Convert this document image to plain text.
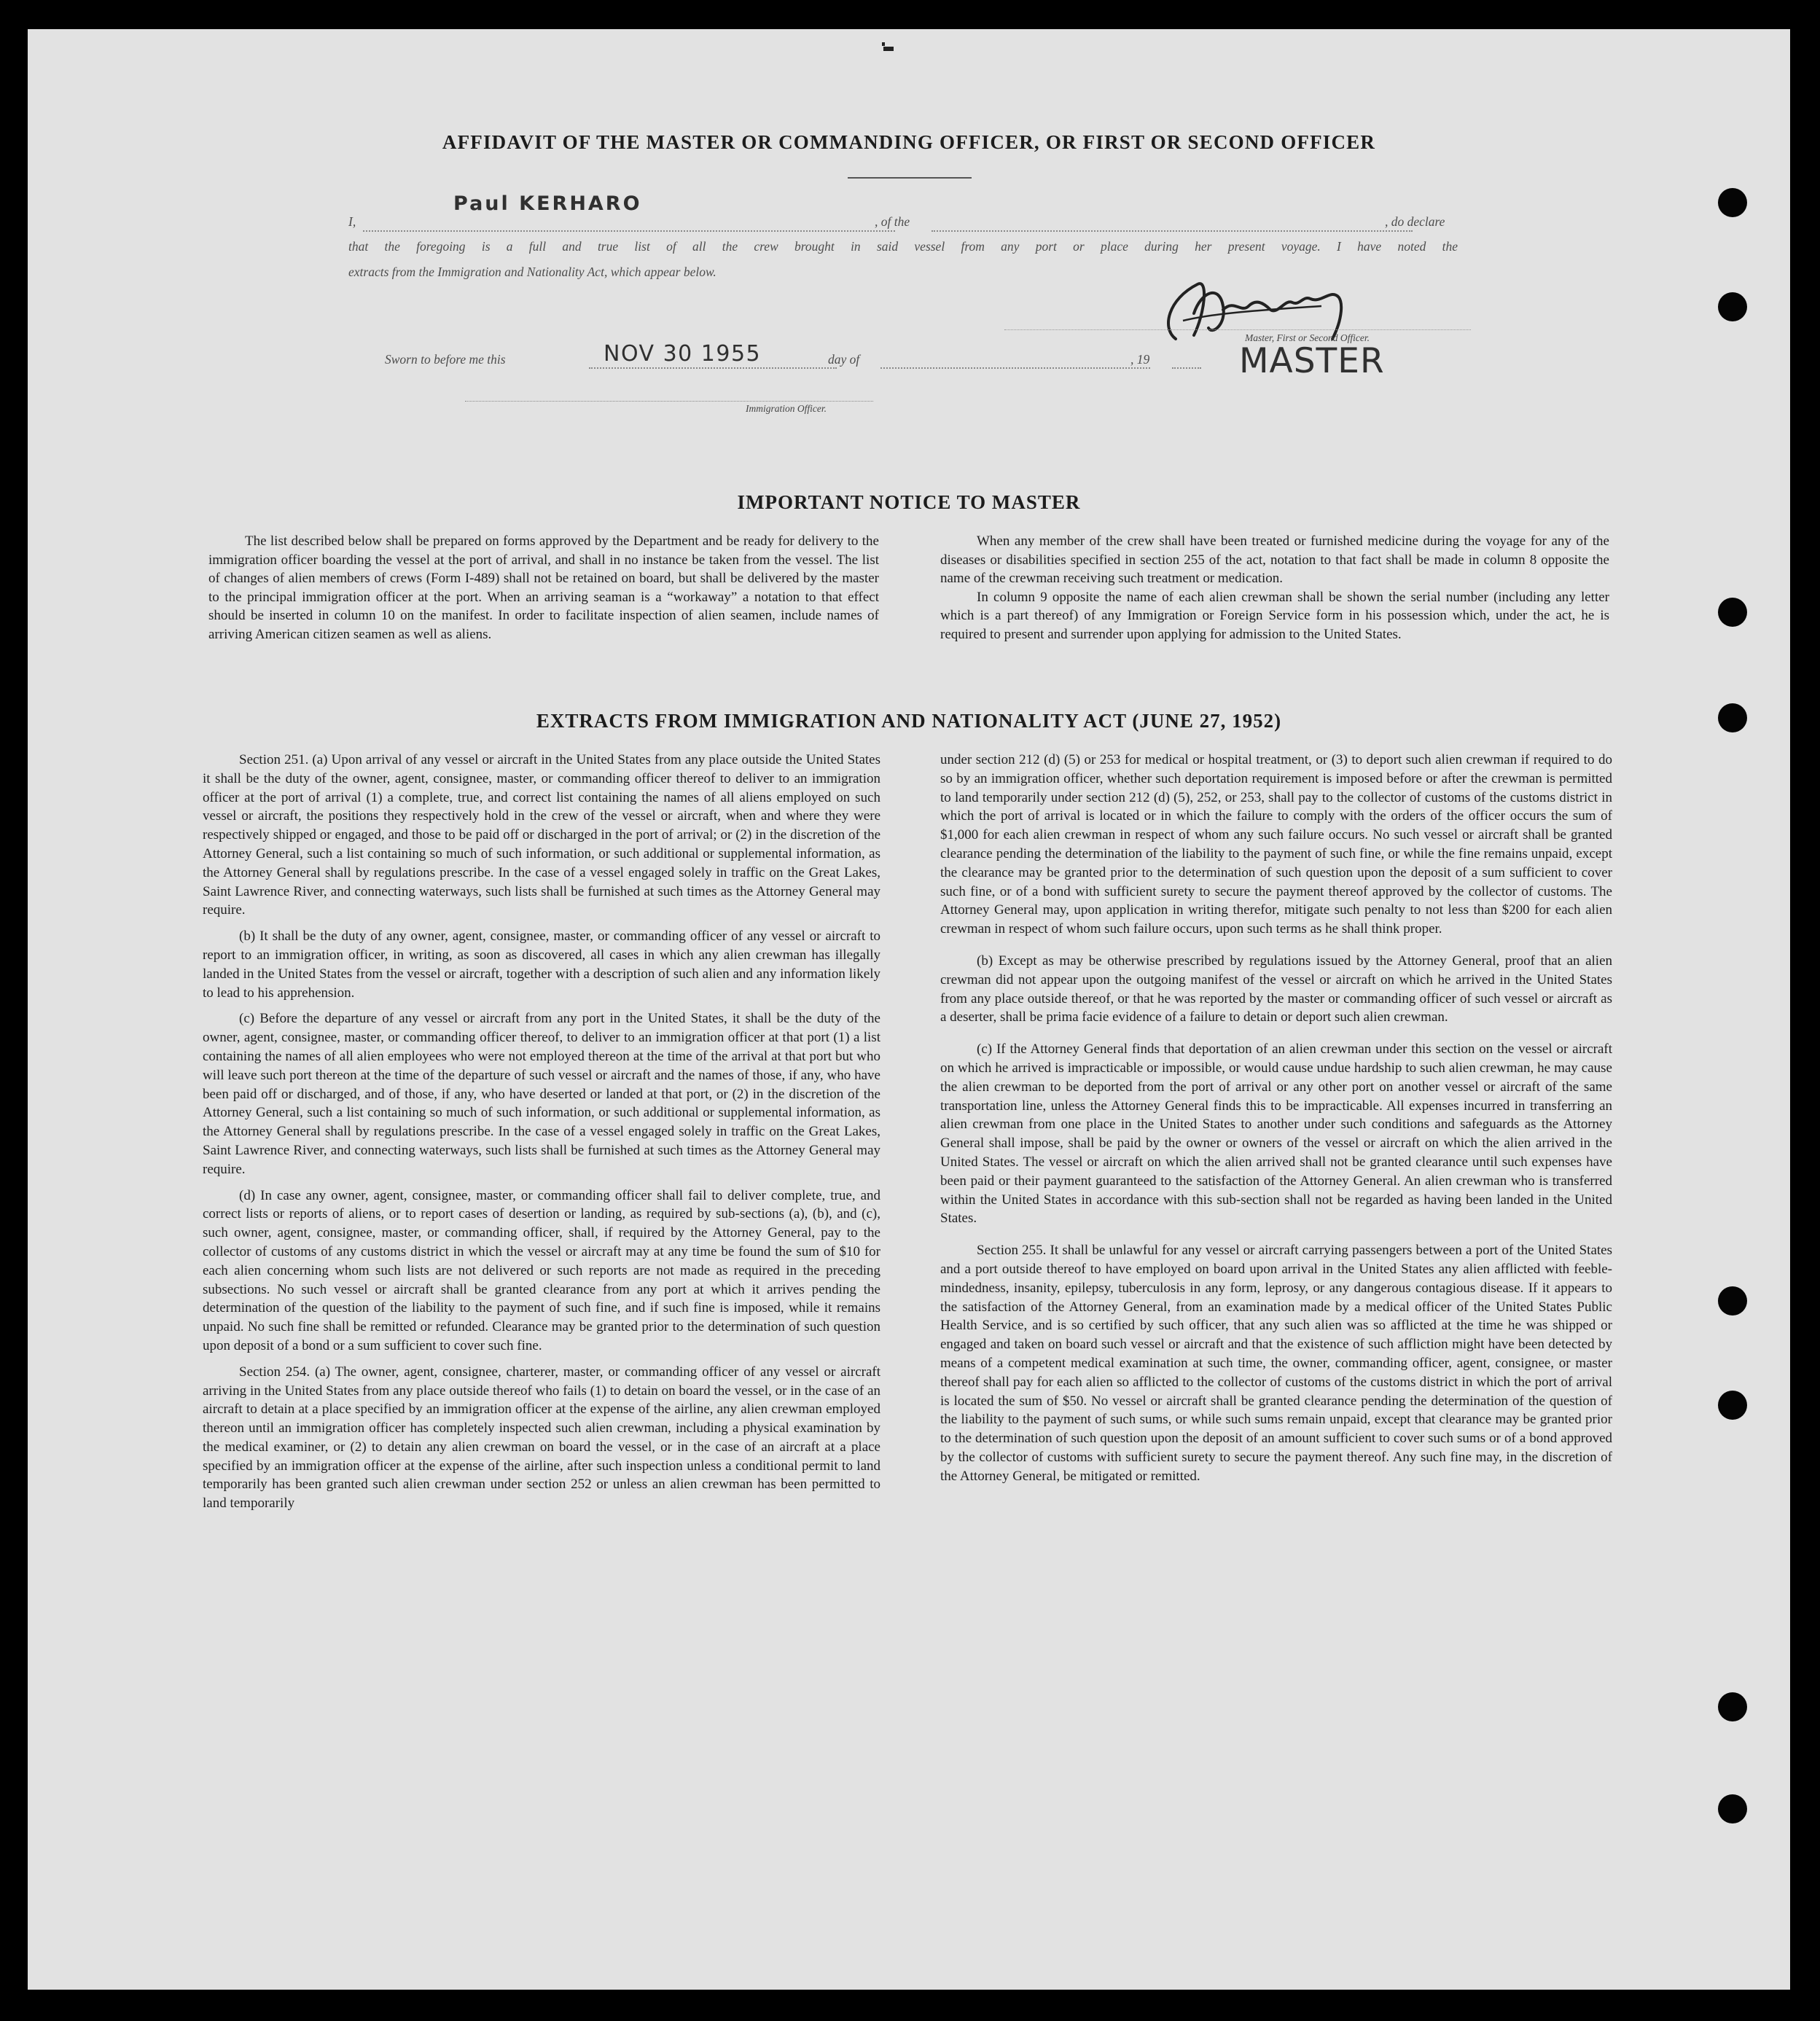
AFFIDAVIT OF THE MASTER OR COMMANDING OFFICER, OR FIRST OR SECOND OFFICER
I,
Paul KERHARO
, of the	, do declare
that the foregoing is a full and true list of all the crew brought in said vessel from any port or place during her present voyage. I have noted the
extracts from the Immigration and Nationality Act, which appear below.
Master, First or Second Officer.
MASTER
Sworn to before me this	NOV 30 1955	day of	, 19
Immigration Officer.
IMPORTANT NOTICE TO MASTER

The list described below shall be prepared on forms approved by the Department and be ready for delivery to the immigration officer boarding the vessel at the port of arrival, and shall in no instance be taken from the vessel. The list of changes of alien members of crews (Form I-489) shall not be retained on board, but shall be delivered by the master to the principal immigration officer at the port. When an arriving seaman is a “workaway” a notation to that effect should be inserted in column 10 on the manifest. In order to facilitate inspection of alien seamen, include names of arriving American citizen seamen as well as aliens.

When any member of the crew shall have been treated or furnished medicine during the voyage for any of the diseases or disabilities specified in section 255 of the act, notation to that fact shall be made in column 8 opposite the name of the crewman receiving such treatment or medication.

In column 9 opposite the name of each alien crewman shall be shown the serial number (including any letter which is a part thereof) of any Immigration or Foreign Service form in his possession which, under the act, he is required to present and surrender upon applying for admission to the United States.

EXTRACTS FROM IMMIGRATION AND NATIONALITY ACT (JUNE 27, 1952)

Section 251. (a) Upon arrival of any vessel or aircraft in the United States from any place outside the United States it shall be the duty of the owner, agent, consignee, master, or commanding officer thereof to deliver to an immigration officer at the port of arrival (1) a complete, true, and correct list containing the names of all aliens employed on such vessel or aircraft, the positions they respectively hold in the crew of the vessel or aircraft, when and where they were respectively shipped or engaged, and those to be paid off or discharged in the port of arrival; or (2) in the discretion of the Attorney General, such a list containing so much of such information, or such additional or supplemental information, as the Attorney General shall by regulations prescribe. In the case of a vessel engaged solely in traffic on the Great Lakes, Saint Lawrence River, and connecting waterways, such lists shall be furnished at such times as the Attorney General may require.

(b) It shall be the duty of any owner, agent, consignee, master, or commanding officer of any vessel or aircraft to report to an immigration officer, in writing, as soon as discovered, all cases in which any alien crewman has illegally landed in the United States from the vessel or aircraft, together with a description of such alien and any information likely to lead to his apprehension.

(c) Before the departure of any vessel or aircraft from any port in the United States, it shall be the duty of the owner, agent, consignee, master, or commanding officer thereof, to deliver to an immigration officer at that port (1) a list containing the names of all alien employees who were not employed thereon at the time of the arrival at that port but who will leave such port thereon at the time of the departure of such vessel or aircraft and the names of those, if any, who have been paid off or discharged, and of those, if any, who have deserted or landed at that port, or (2) in the discretion of the Attorney General, such a list containing so much of such information, or such additional or supplemental information, as the Attorney General shall by regulations prescribe. In the case of a vessel engaged solely in traffic on the Great Lakes, Saint Lawrence River, and connecting waterways, such lists shall be furnished at such times as the Attorney General may require.

(d) In case any owner, agent, consignee, master, or commanding officer shall fail to deliver complete, true, and correct lists or reports of aliens, or to report cases of desertion or landing, as required by sub-sections (a), (b), and (c), such owner, agent, consignee, master, or commanding officer, shall, if required by the Attorney General, pay to the collector of customs of any customs district in which the vessel or aircraft may at any time be found the sum of $10 for each alien concerning whom such lists are not delivered or such reports are not made as required in the preceding subsections. No such vessel or aircraft shall be granted clearance from any port at which it arrives pending the determination of the question of the liability to the payment of such fine, and if such fine is imposed, while it remains unpaid. No such fine shall be remitted or refunded. Clearance may be granted prior to the determination of such question upon deposit of a bond or a sum sufficient to cover such fine.

Section 254. (a) The owner, agent, consignee, charterer, master, or commanding officer of any vessel or aircraft arriving in the United States from any place outside thereof who fails (1) to detain on board the vessel, or in the case of an aircraft to detain at a place specified by an immigration officer at the expense of the airline, any alien crewman employed thereon until an immigration officer has completely inspected such alien crewman, including a physical examination by the medical examiner, or (2) to detain any alien crewman on board the vessel, or in the case of an aircraft at a place specified by an immigration officer at the expense of the airline, after such inspection unless a conditional permit to land temporarily has been granted such alien crewman under section 252 or unless an alien crewman has been permitted to land temporarily

under section 212 (d) (5) or 253 for medical or hospital treatment, or (3) to deport such alien crewman if required to do so by an immigration officer, whether such deportation requirement is imposed before or after the crewman is permitted to land temporarily under section 212 (d) (5), 252, or 253, shall pay to the collector of customs of the customs district in which the port of arrival is located or in which the failure to comply with the orders of the officer occurs the sum of $1,000 for each alien crewman in respect of whom any such failure occurs. No such vessel or aircraft shall be granted clearance pending the determination of the liability to the payment of such fine, or while the fine remains unpaid, except the clearance may be granted prior to the determination of such question upon the deposit of a sum sufficient to cover such fine, or of a bond with sufficient surety to secure the payment thereof approved by the collector of customs. The Attorney General may, upon application in writing therefor, mitigate such penalty to not less than $200 for each alien crewman in respect of whom such failure occurs, upon such terms as he shall think proper.

(b) Except as may be otherwise prescribed by regulations issued by the Attorney General, proof that an alien crewman did not appear upon the outgoing manifest of the vessel or aircraft on which he arrived in the United States from any place outside thereof, or that he was reported by the master or commanding officer of such vessel or aircraft as a deserter, shall be prima facie evidence of a failure to detain or deport such alien crewman.

(c) If the Attorney General finds that deportation of an alien crewman under this section on the vessel or aircraft on which he arrived is impracticable or impossible, or would cause undue hardship to such alien crewman, he may cause the alien crewman to be deported from the port of arrival or any other port on another vessel or aircraft of the same transportation line, unless the Attorney General finds this to be impracticable. All expenses incurred in transferring an alien crewman from one place in the United States to another under such conditions and safeguards as the Attorney General shall impose, shall be paid by the owner or owners of the vessel or aircraft on which the alien arrived in the United States. The vessel or aircraft on which the alien arrived shall not be granted clearance until such expenses have been paid or their payment guaranteed to the satisfaction of the Attorney General. An alien crewman who is transferred within the United States in accordance with this sub-section shall not be regarded as having been landed in the United States.

Section 255. It shall be unlawful for any vessel or aircraft carrying passengers between a port of the United States and a port outside thereof to have employed on board upon arrival in the United States any alien afflicted with feeble-mindedness, insanity, epilepsy, tuberculosis in any form, leprosy, or any dangerous contagious disease. If it appears to the satisfaction of the Attorney General, from an examination made by a medical officer of the United States Public Health Service, and is so certified by such officer, that any such alien was so afflicted at the time he was shipped or engaged and taken on board such vessel or aircraft and that the existence of such affliction might have been detected by means of a competent medical examination at such time, the owner, commanding officer, agent, consignee, or master thereof shall pay for each alien so afflicted to the collector of customs of the customs district in which the port of arrival is located the sum of $50. No vessel or aircraft shall be granted clearance pending the determination of the question of the liability to the payment of such sums, or while such sums remain unpaid, except that clearance may be granted prior to the determination of such question upon the deposit of an amount sufficient to cover such sums or of a bond approved by the collector of customs with sufficient surety to secure the payment thereof. Any such fine may, in the discretion of the Attorney General, be mitigated or remitted.
